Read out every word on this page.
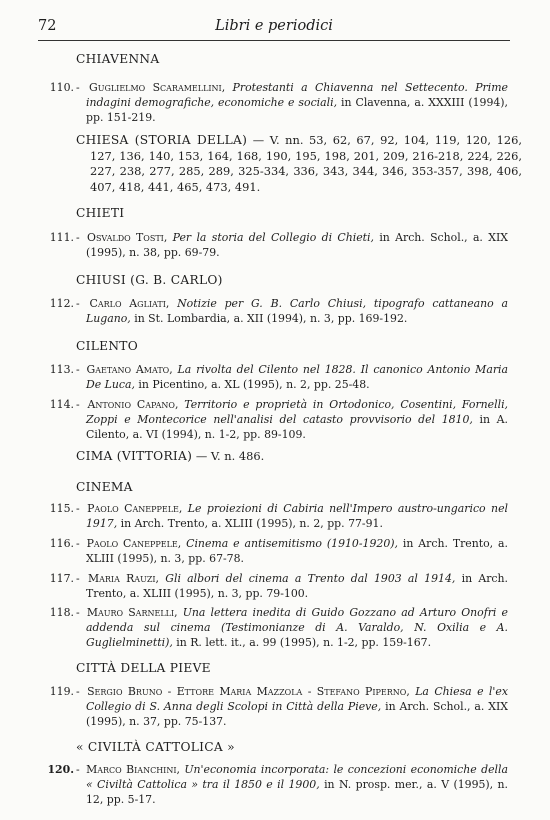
72	Libri e periodici
CHIAVENNA
110. - Guglielmo Scaramellini, Protestanti a Chiavenna nel Settecento. Prime indagini demografiche, economiche e sociali, in Clavenna, a. XXXIII (1994), pp. 151-219.
CHIESA (STORIA DELLA) — V. nn. 53, 62, 67, 92, 104, 119, 120, 126, 127, 136, 140, 153, 164, 168, 190, 195, 198, 201, 209, 216-218, 224, 226, 227, 238, 277, 285, 289, 325-334, 336, 343, 344, 346, 353-357, 398, 406, 407, 418, 441, 465, 473, 491.
CHIETI
111. - Osvaldo Tosti, Per la storia del Collegio di Chieti, in Arch. Schol., a. XIX (1995), n. 38, pp. 69-79.
CHIUSI (G. B. CARLO)
112. - Carlo Agliati, Notizie per G. B. Carlo Chiusi, tipografo cattaneano a Lugano, in St. Lombardia, a. XII (1994), n. 3, pp. 169-192.
CILENTO
113. - Gaetano Amato, La rivolta del Cilento nel 1828. Il canonico Antonio Maria De Luca, in Picentino, a. XL (1995), n. 2, pp. 25-48.
114. - Antonio Capano, Territorio e proprietà in Ortodonico, Cosentini, Fornelli, Zoppi e Montecorice nell'analisi del catasto provvisorio del 1810, in A. Cilento, a. VI (1994), n. 1-2, pp. 89-109.
CIMA (VITTORIA) — V. n. 486.
CINEMA
115. - Paolo Caneppele, Le proiezioni di Cabiria nell'Impero austro-ungarico nel 1917, in Arch. Trento, a. XLIII (1995), n. 2, pp. 77-91.
116. - Paolo Caneppele, Cinema e antisemitismo (1910-1920), in Arch. Trento, a. XLIII (1995), n. 3, pp. 67-78.
117. - Maria Rauzi, Gli albori del cinema a Trento dal 1903 al 1914, in Arch. Trento, a. XLIII (1995), n. 3, pp. 79-100.
118. - Mauro Sarnelli, Una lettera inedita di Guido Gozzano ad Arturo Onofri e addenda sul cinema (Testimonianze di A. Varaldo, N. Oxilia e A. Guglielminetti), in R. lett. it., a. 99 (1995), n. 1-2, pp. 159-167.
CITTÀ DELLA PIEVE
119. - Sergio Bruno - Ettore Maria Mazzola - Stefano Piperno, La Chiesa e l'ex Collegio di S. Anna degli Scolopi in Città della Pieve, in Arch. Schol., a. XIX (1995), n. 37, pp. 75-137.
« CIVILTÀ CATTOLICA »
120. - Marco Bianchini, Un'economia incorporata: le concezioni economiche della « Civiltà Cattolica » tra il 1850 e il 1900, in N. prosp. mer., a. V (1995), n. 12, pp. 5-17.
